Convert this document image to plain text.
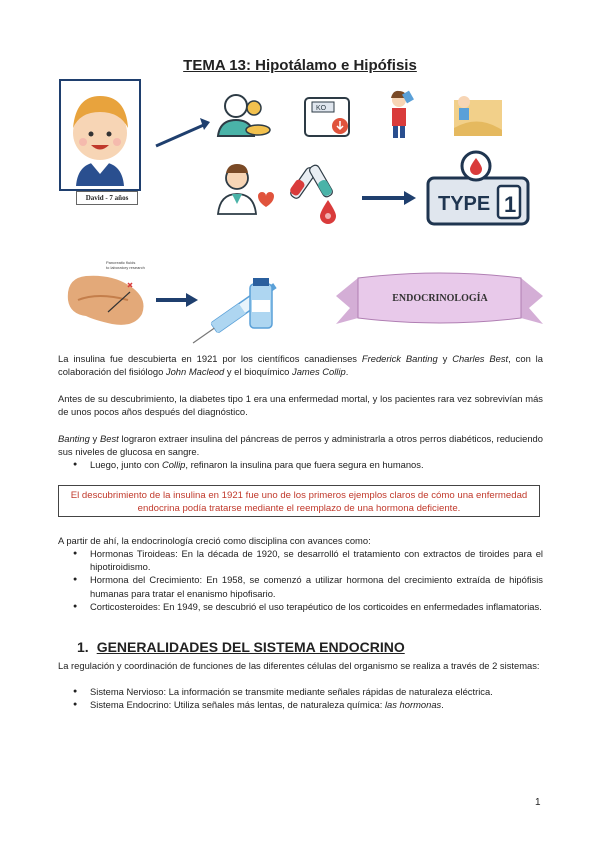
TEMA 13: Hipotálamo e Hipófisis
KO
TYPE 1
Pancreatic fluids
to laboratory research
ENDOCRINOLOGÍA
David - 7 años
La insulina fue descubierta en 1921 por los científicos canadienses Frederick Banting y Charles Best, con la colaboración del fisiólogo John Macleod y el bioquímico James Collip.
Antes de su descubrimiento, la diabetes tipo 1 era una enfermedad mortal, y los pacientes rara vez sobrevivían más de unos pocos años después del diagnóstico.
Banting y Best lograron extraer insulina del páncreas de perros y administrarla a otros perros diabéticos, reduciendo sus niveles de glucosa en sangre.
● Luego, junto con Collip, refinaron la insulina para que fuera segura en humanos.
El descubrimiento de la insulina en 1921 fue uno de los primeros ejemplos claros de cómo una enfermedad endocrina podía tratarse mediante el reemplazo de una hormona deficiente.
A partir de ahí, la endocrinología creció como disciplina con avances como:
● Hormonas Tiroideas: En la década de 1920, se desarrolló el tratamiento con extractos de tiroides para el hipotiroidismo.
● Hormona del Crecimiento: En 1958, se comenzó a utilizar hormona del crecimiento extraída de hipófisis humanas para tratar el enanismo hipofisario.
● Corticosteroides: En 1949, se descubrió el uso terapéutico de los corticoides en enfermedades inflamatorias.
1. GENERALIDADES DEL SISTEMA ENDOCRINO
La regulación y coordinación de funciones de las diferentes células del organismo se realiza a través de 2 sistemas:
● Sistema Nervioso: La información se transmite mediante señales rápidas de naturaleza eléctrica.
● Sistema Endocrino: Utiliza señales más lentas, de naturaleza química: las hormonas.
1
